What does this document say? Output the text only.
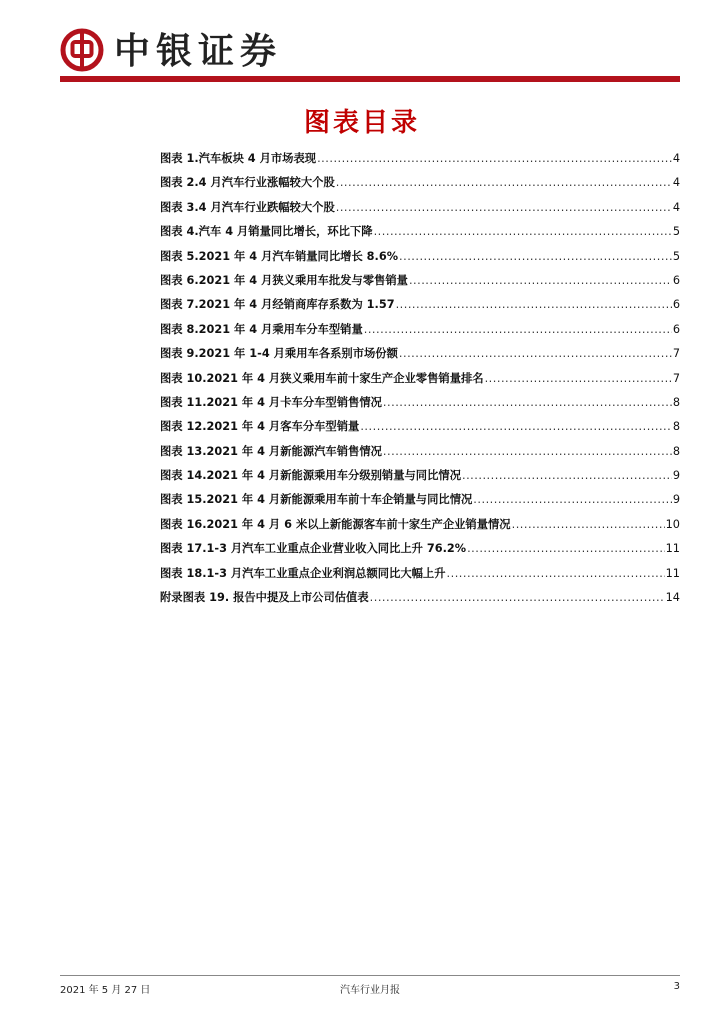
中银证券
图表目录
图表 1.汽车板块 4 月市场表现 .....	4
图表 2.4 月汽车行业涨幅较大个股 .....	4
图表 3.4 月汽车行业跌幅较大个股 .....	4
图表 4.汽车 4 月销量同比增长，环比下降 .....	5
图表 5.2021 年 4 月汽车销量同比增长 8.6% .....	5
图表 6.2021 年 4 月狭义乘用车批发与零售销量 .....	6
图表 7.2021 年 4 月经销商库存系数为 1.57 .....	6
图表 8.2021 年 4 月乘用车分车型销量 .....	6
图表 9.2021 年 1-4 月乘用车各系别市场份额 .....	7
图表 10.2021 年 4 月狭义乘用车前十家生产企业零售销量排名 .....	7
图表 11.2021 年 4 月卡车分车型销售情况 .....	8
图表 12.2021 年 4 月客车分车型销量 .....	8
图表 13.2021 年 4 月新能源汽车销售情况 .....	8
图表 14.2021 年 4 月新能源乘用车分级别销量与同比情况 .....	9
图表 15.2021 年 4 月新能源乘用车前十车企销量与同比情况 .....	9
图表 16.2021 年 4 月 6 米以上新能源客车前十家生产企业销量情况 .....	10
图表 17.1-3 月汽车工业重点企业营业收入同比上升 76.2% .....	11
图表 18.1-3 月汽车工业重点企业利润总额同比大幅上升 .....	11
附录图表 19. 报告中提及上市公司估值表 .....	14
2021 年 5 月 27 日	汽车行业月报	3
